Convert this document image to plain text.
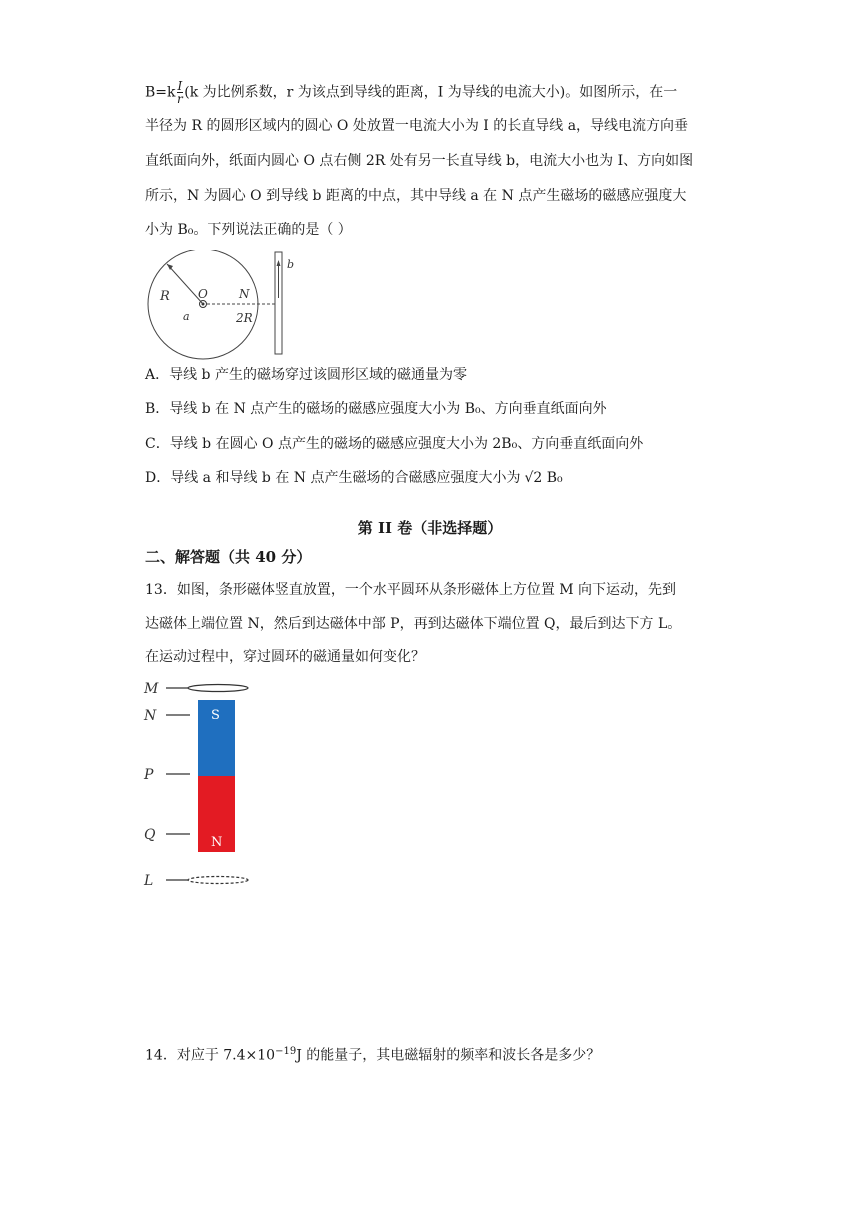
$B=k \frac{I}{r} (k$ 为比例系数，r 为该点到导线的距离，I 为导线的电流大小)。如图所示，在一
半径为 R 的圆形区域内的圆心 O 处放置一电流大小为 I 的长直导线 a，导线电流方向垂
直纸面向外，纸面内圆心 O 点右侧 2R 处有另一长直导线 b，电流大小也为 I、方向如图
所示，N 为圆心 O 到导线 b 距离的中点，其中导线 a 在 N 点产生磁场的磁感应强度大
小为 B₀。下列说法正确的是（ ）
R O
a
N
2R
b
A．导线 b 产生的磁场穿过该圆形区域的磁通量为零
B．导线 b 在 N 点产生的磁场的磁感应强度大小为 B₀、方向垂直纸面向外
C．导线 b 在圆心 O 点产生的磁场的磁感应强度大小为 2B₀、方向垂直纸面向外
D．导线 a 和导线 b 在 N 点产生磁场的合磁感应强度大小为 √2 B₀
第 II 卷（非选择题）
二、解答题（共 40 分）
13．如图，条形磁体竖直放置，一个水平圆环从条形磁体上方位置 M 向下运动，先到
达磁体上端位置 N，然后到达磁体中部 P，再到达磁体下端位置 Q，最后到达下方 L。
在运动过程中，穿过圆环的磁通量如何变化？
M
N	S
N
P
Q
L
14．对应于 $7.4\times 10^{-19}J$ 的能量子，其电磁辐射的频率和波长各是多少？
